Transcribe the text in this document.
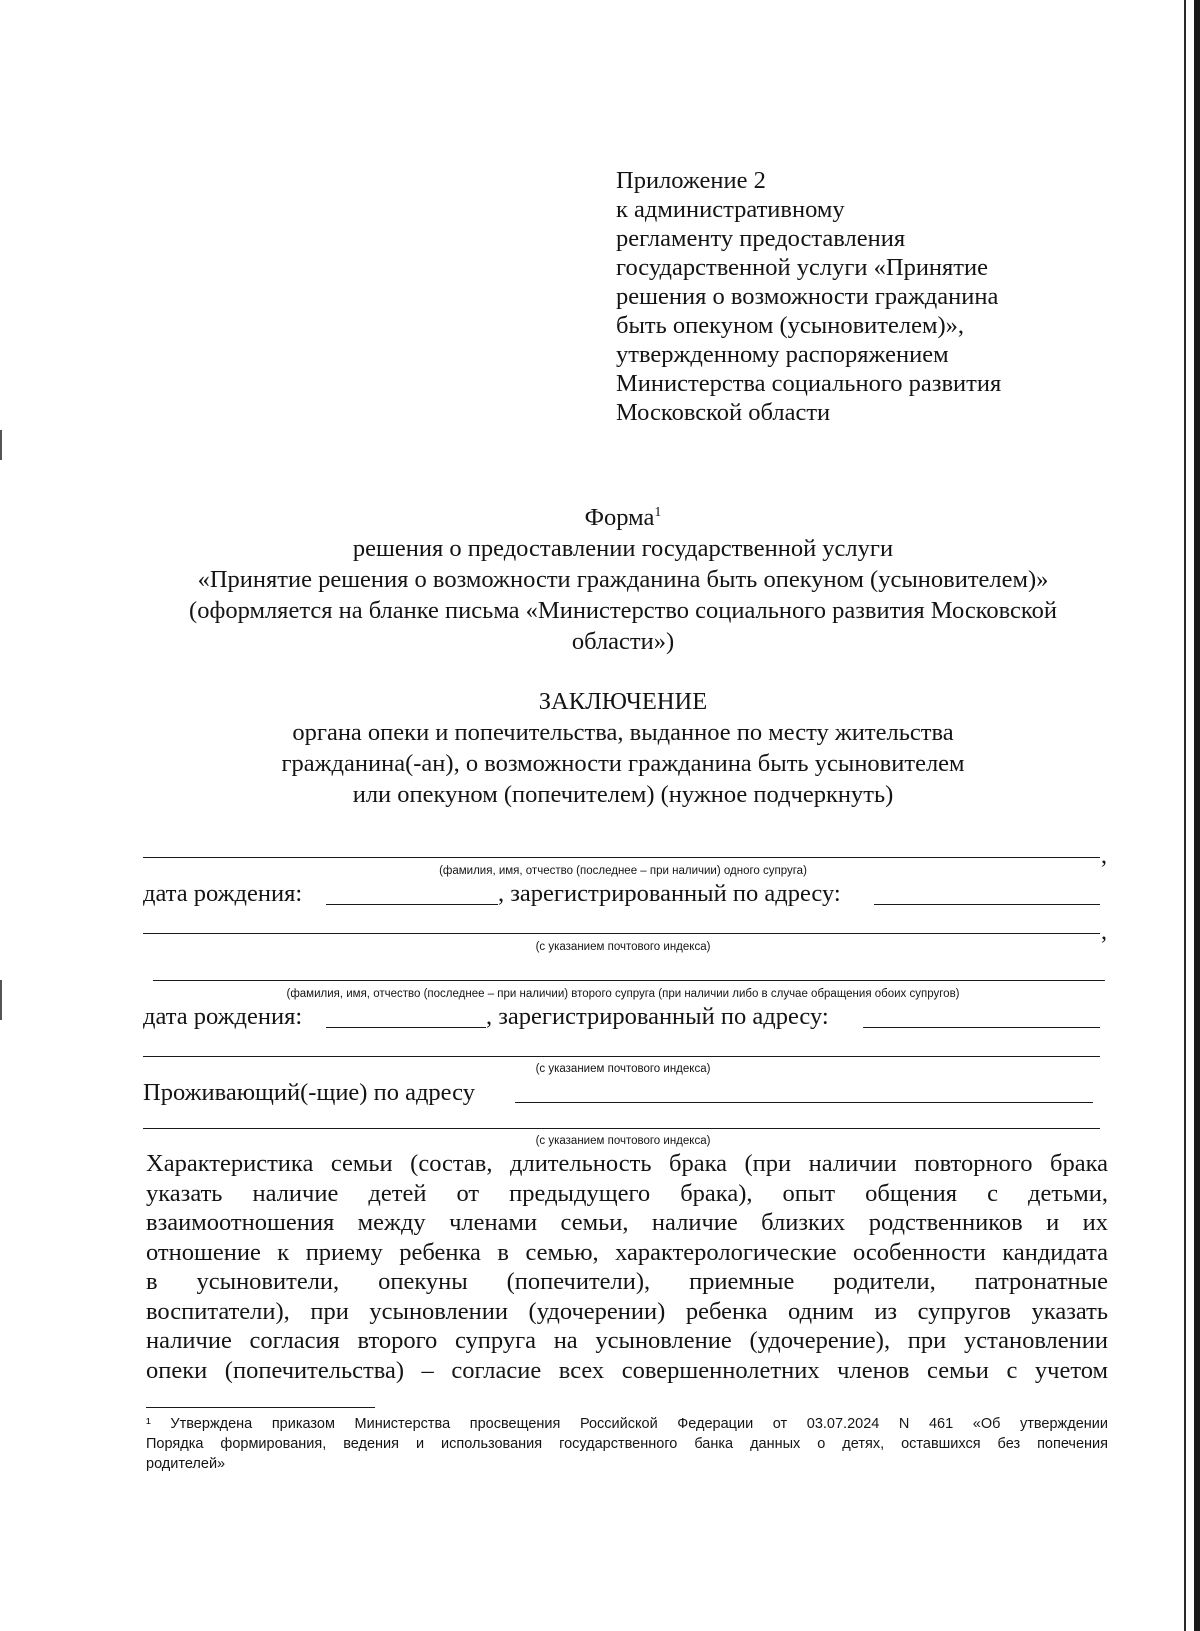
Приложение 2
к административному
регламенту предоставления
государственной услуги «Принятие
решения о возможности гражданина
быть опекуном (усыновителем)»,
утвержденному распоряжением
Министерства социального развития
Московской области
Форма$^1$
решения о предоставлении государственной услуги
«Принятие решения о возможности гражданина быть опекуном (усыновителем)»
(оформляется на бланке письма «Министерство социального развития Московской
области»)
ЗАКЛЮЧЕНИЕ
органа опеки и попечительства, выданное по месту жительства
гражданина(-ан), о возможности гражданина быть усыновителем
или опекуном (попечителем) (нужное подчеркнуть)
,
(фамилия, имя, отчество (последнее – при наличии) одного супруга)
дата рождения:	, зарегистрированный по адресу:
,
(с указанием почтового индекса)
(фамилия, имя, отчество (последнее – при наличии) второго супруга (при наличии либо в случае обращения обоих супругов)
дата рождения:	, зарегистрированный по адресу:
(с указанием почтового индекса)
Проживающий(-щие) по адресу
(с указанием почтового индекса)
Характеристика семьи (состав, длительность брака (при наличии повторного брака
указать наличие детей от предыдущего брака), опыт общения с детьми,
взаимоотношения между членами семьи, наличие близких родственников и их
отношение к приему ребенка в семью, характерологические особенности кандидата
в усыновители, опекуны (попечители), приемные родители, патронатные
воспитатели), при усыновлении (удочерении) ребенка одним из супругов указать
наличие согласия второго супруга на усыновление (удочерение), при установлении
опеки (попечительства) – согласие всех совершеннолетних членов семьи с учетом
¹ Утверждена приказом Министерства просвещения Российской Федерации от 03.07.2024 N 461 «Об утверждении
Порядка формирования, ведения и использования государственного банка данных о детях, оставшихся без попечения
родителей»
